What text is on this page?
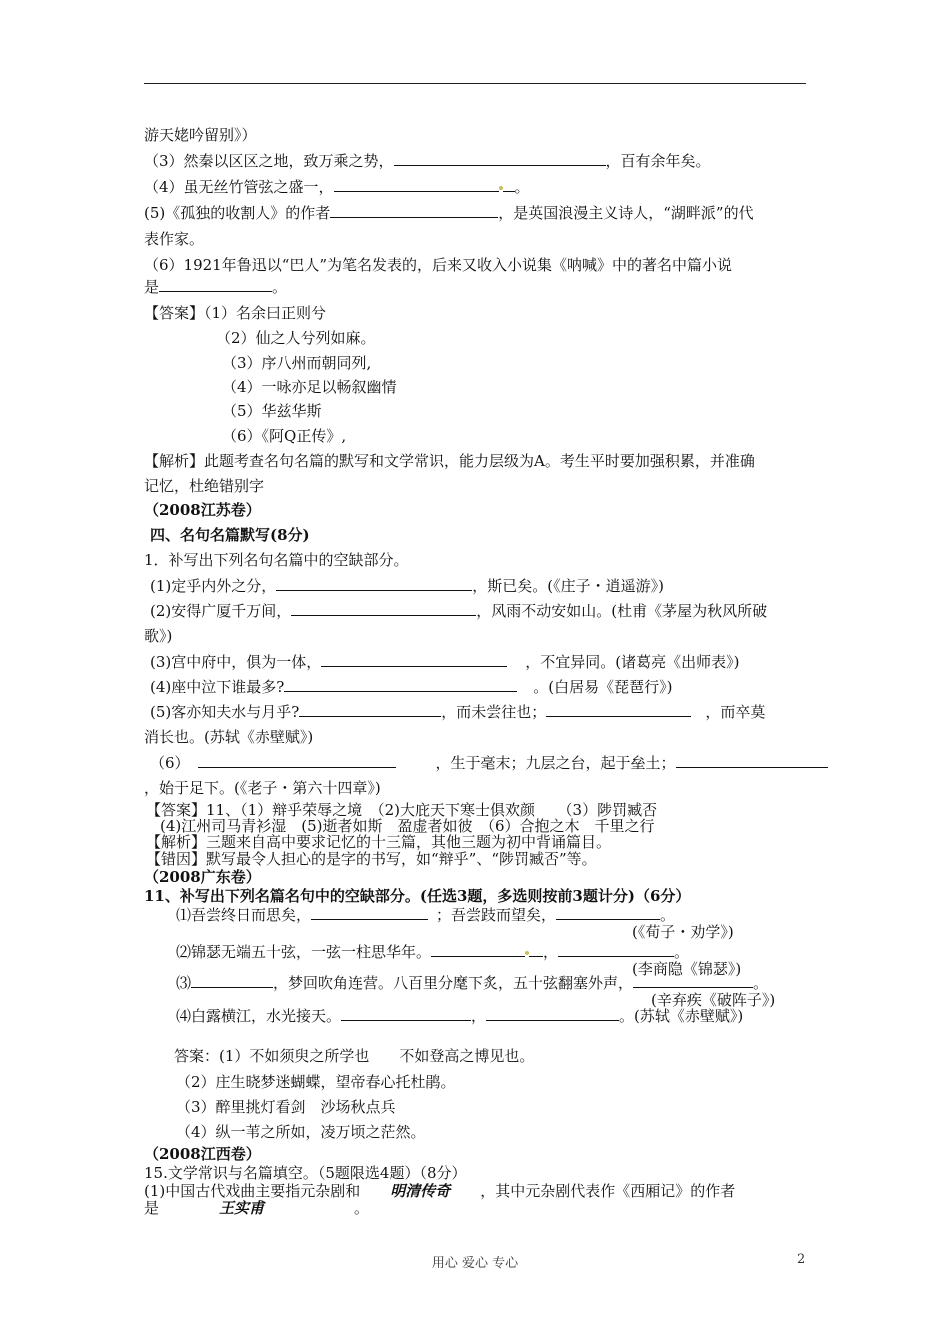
游天姥吟留别》）
（3）然秦以区区之地，致万乘之势，	，百有余年矣。
（4）虽无丝竹管弦之盛一，	。
(5)《孤独的收割人》的作者	，是英国浪漫主义诗人，“湖畔派”的代
表作家。
（6）1921年鲁迅以“巴人”为笔名发表的，后来又收入小说集《呐喊》中的著名中篇小说
是	。
【答案】（1）名余曰正则兮
（2）仙之人兮列如麻。
（3）序八州而朝同列,
（4）一咏亦足以畅叙幽情
（5）华兹华斯
（6）《阿Q正传》,
【解析】此题考查名句名篇的默写和文学常识，能力层级为A。考生平时要加强积累，并准确
记忆，杜绝错别字
（2008江苏卷）
四、名句名篇默写(8分)
1．补写出下列名句名篇中的空缺部分。
(1)定乎内外之分，	，斯已矣。(《庄子・逍遥游》)
(2)安得广厦千万间，	，风雨不动安如山。(杜甫《茅屋为秋风所破
歌》)
(3)宫中府中，俱为一体，	，不宜异同。(诸葛亮《出师表》)
(4)座中泣下谁最多?	。(白居易《琵琶行》)
(5)客亦知夫水与月乎?	，而未尝往也；	，而卒莫
消长也。(苏轼《赤壁赋》)
（6）	，生于毫末；九层之台，起于垒土；
，始于足下。(《老子・第六十四章》)
【答案】11、（1）辩乎荣辱之境　（2)大庇天下寒士俱欢颜　　（3）陟罚臧否
(4)江州司马青衫湿　(5)逝者如斯　盈虚者如彼　（6）合抱之木　千里之行
【解析】三题来自高中要求记忆的十三篇，其他三题为初中背诵篇目。
【错因】默写最令人担心的是字的书写，如“辩乎”、“陟罚臧否”等。
（2008广东卷）
11、补写出下列名篇名句中的空缺部分。(任选3题，多选则按前3题计分)（6分）
⑴吾尝终日而思矣，	；吾尝跂而望矣，	。
(《荀子・劝学》)
⑵锦瑟无端五十弦，一弦一柱思华年。	，	。
(李商隐《锦瑟》)
⑶	，梦回吹角连营。八百里分麾下炙，五十弦翻塞外声，	。
(辛弃疾《破阵子》)
⑷白露横江，水光接天。	，	。(苏轼《赤壁赋》)
答案：(1）不如须臾之所学也　　不如登高之博见也。
（2）庄生晓梦迷蝴蝶，望帝春心托杜鹃。
（3）醉里挑灯看剑　沙场秋点兵
（4）纵一苇之所如，凌万顷之茫然。
（2008江西卷）
15.文学常识与名篇填空。（5题限选4题）（8分）
(1)中国古代戏曲主要指元杂剧和 明清传奇 ，其中元杂剧代表作《西厢记》的作者
是	王实甫	。
用心 爱心 专心	2
